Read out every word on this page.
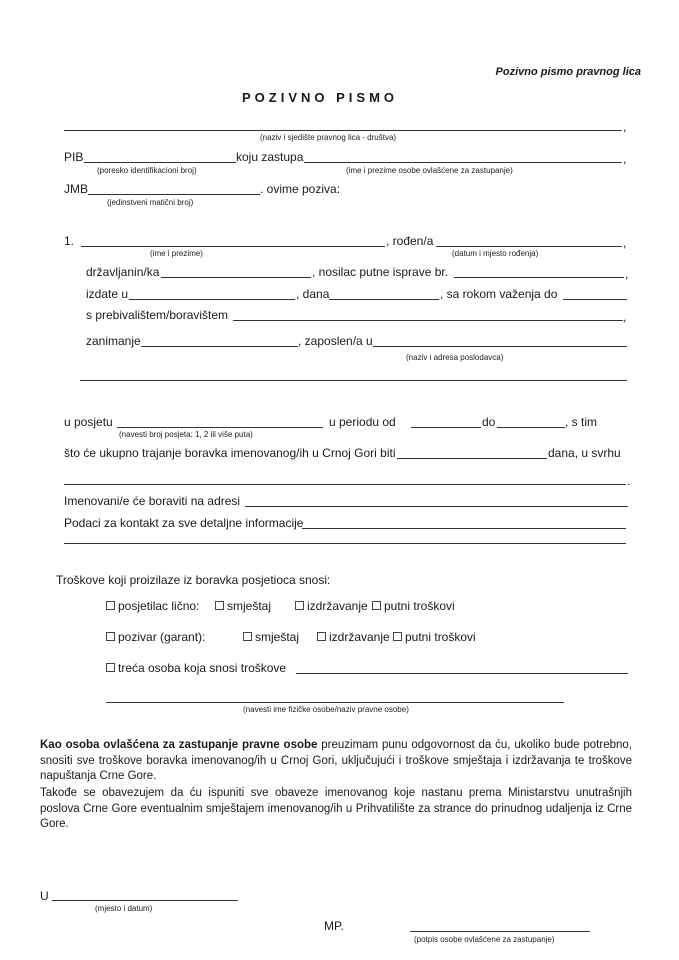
Pozivno pismo pravnog lica
POZIVNO PISMO
,
(naziv i sjedište pravnog lica - društva)
PIB
(poresko identifikacioni broj)
koju zastupa	,
(ime i prezime osobe ovlašćene za zastupanje)
JMB	. ovime poziva:
(jedinstveni matični broj)
1.
(ime i prezime)
, rođen/a	,
(datum i mjesto rođenja)
državljanin/ka	, nosilac putne isprave br.	,
izdate u	, dana	, sa rokom važenja do
s prebivalištem/boravištem	,
zanimanje	, zaposlen/a u
(naziv i adresa poslodavca)
u posjetu
(navesti broj posjeta: 1, 2 ili više puta)
u periodu od	do	, s tim
što će ukupno trajanje boravka imenovanog/ih u Crnoj Gori biti	dana, u svrhu
.
Imenovani/e će boraviti na adresi
Podaci za kontakt za sve detaljne informacije
Troškove koji proizilaze iz boravka posjetioca snosi:
posjetilac lično:	smještaj	izdržavanje	putni troškovi
pozivar (garant):	smještaj	izdržavanje	putni troškovi
treća osoba koja snosi troškove
(navesti ime fizičke osobe/naziv pravne osobe)
Kao osoba ovlašćena za zastupanje pravne osobe preuzimam punu odgovornost da ću, ukoliko bude potrebno, snositi sve troškove boravka imenovanog/ih u Crnoj Gori, uključujući i troškove smještaja i izdržavanja te troškove napuštanja Crne Gore.
Takođe se obavezujem da ću ispuniti sve obaveze imenovanog koje nastanu prema Ministarstvu unutrašnjih poslova Crne Gore eventualnim smještajem imenovanog/ih u Prihvatilište za strance do prinudnog udaljenja iz Crne Gore.
U
(mjesto i datum)
MP.
(potpis osobe ovlašćene za zastupanje)
